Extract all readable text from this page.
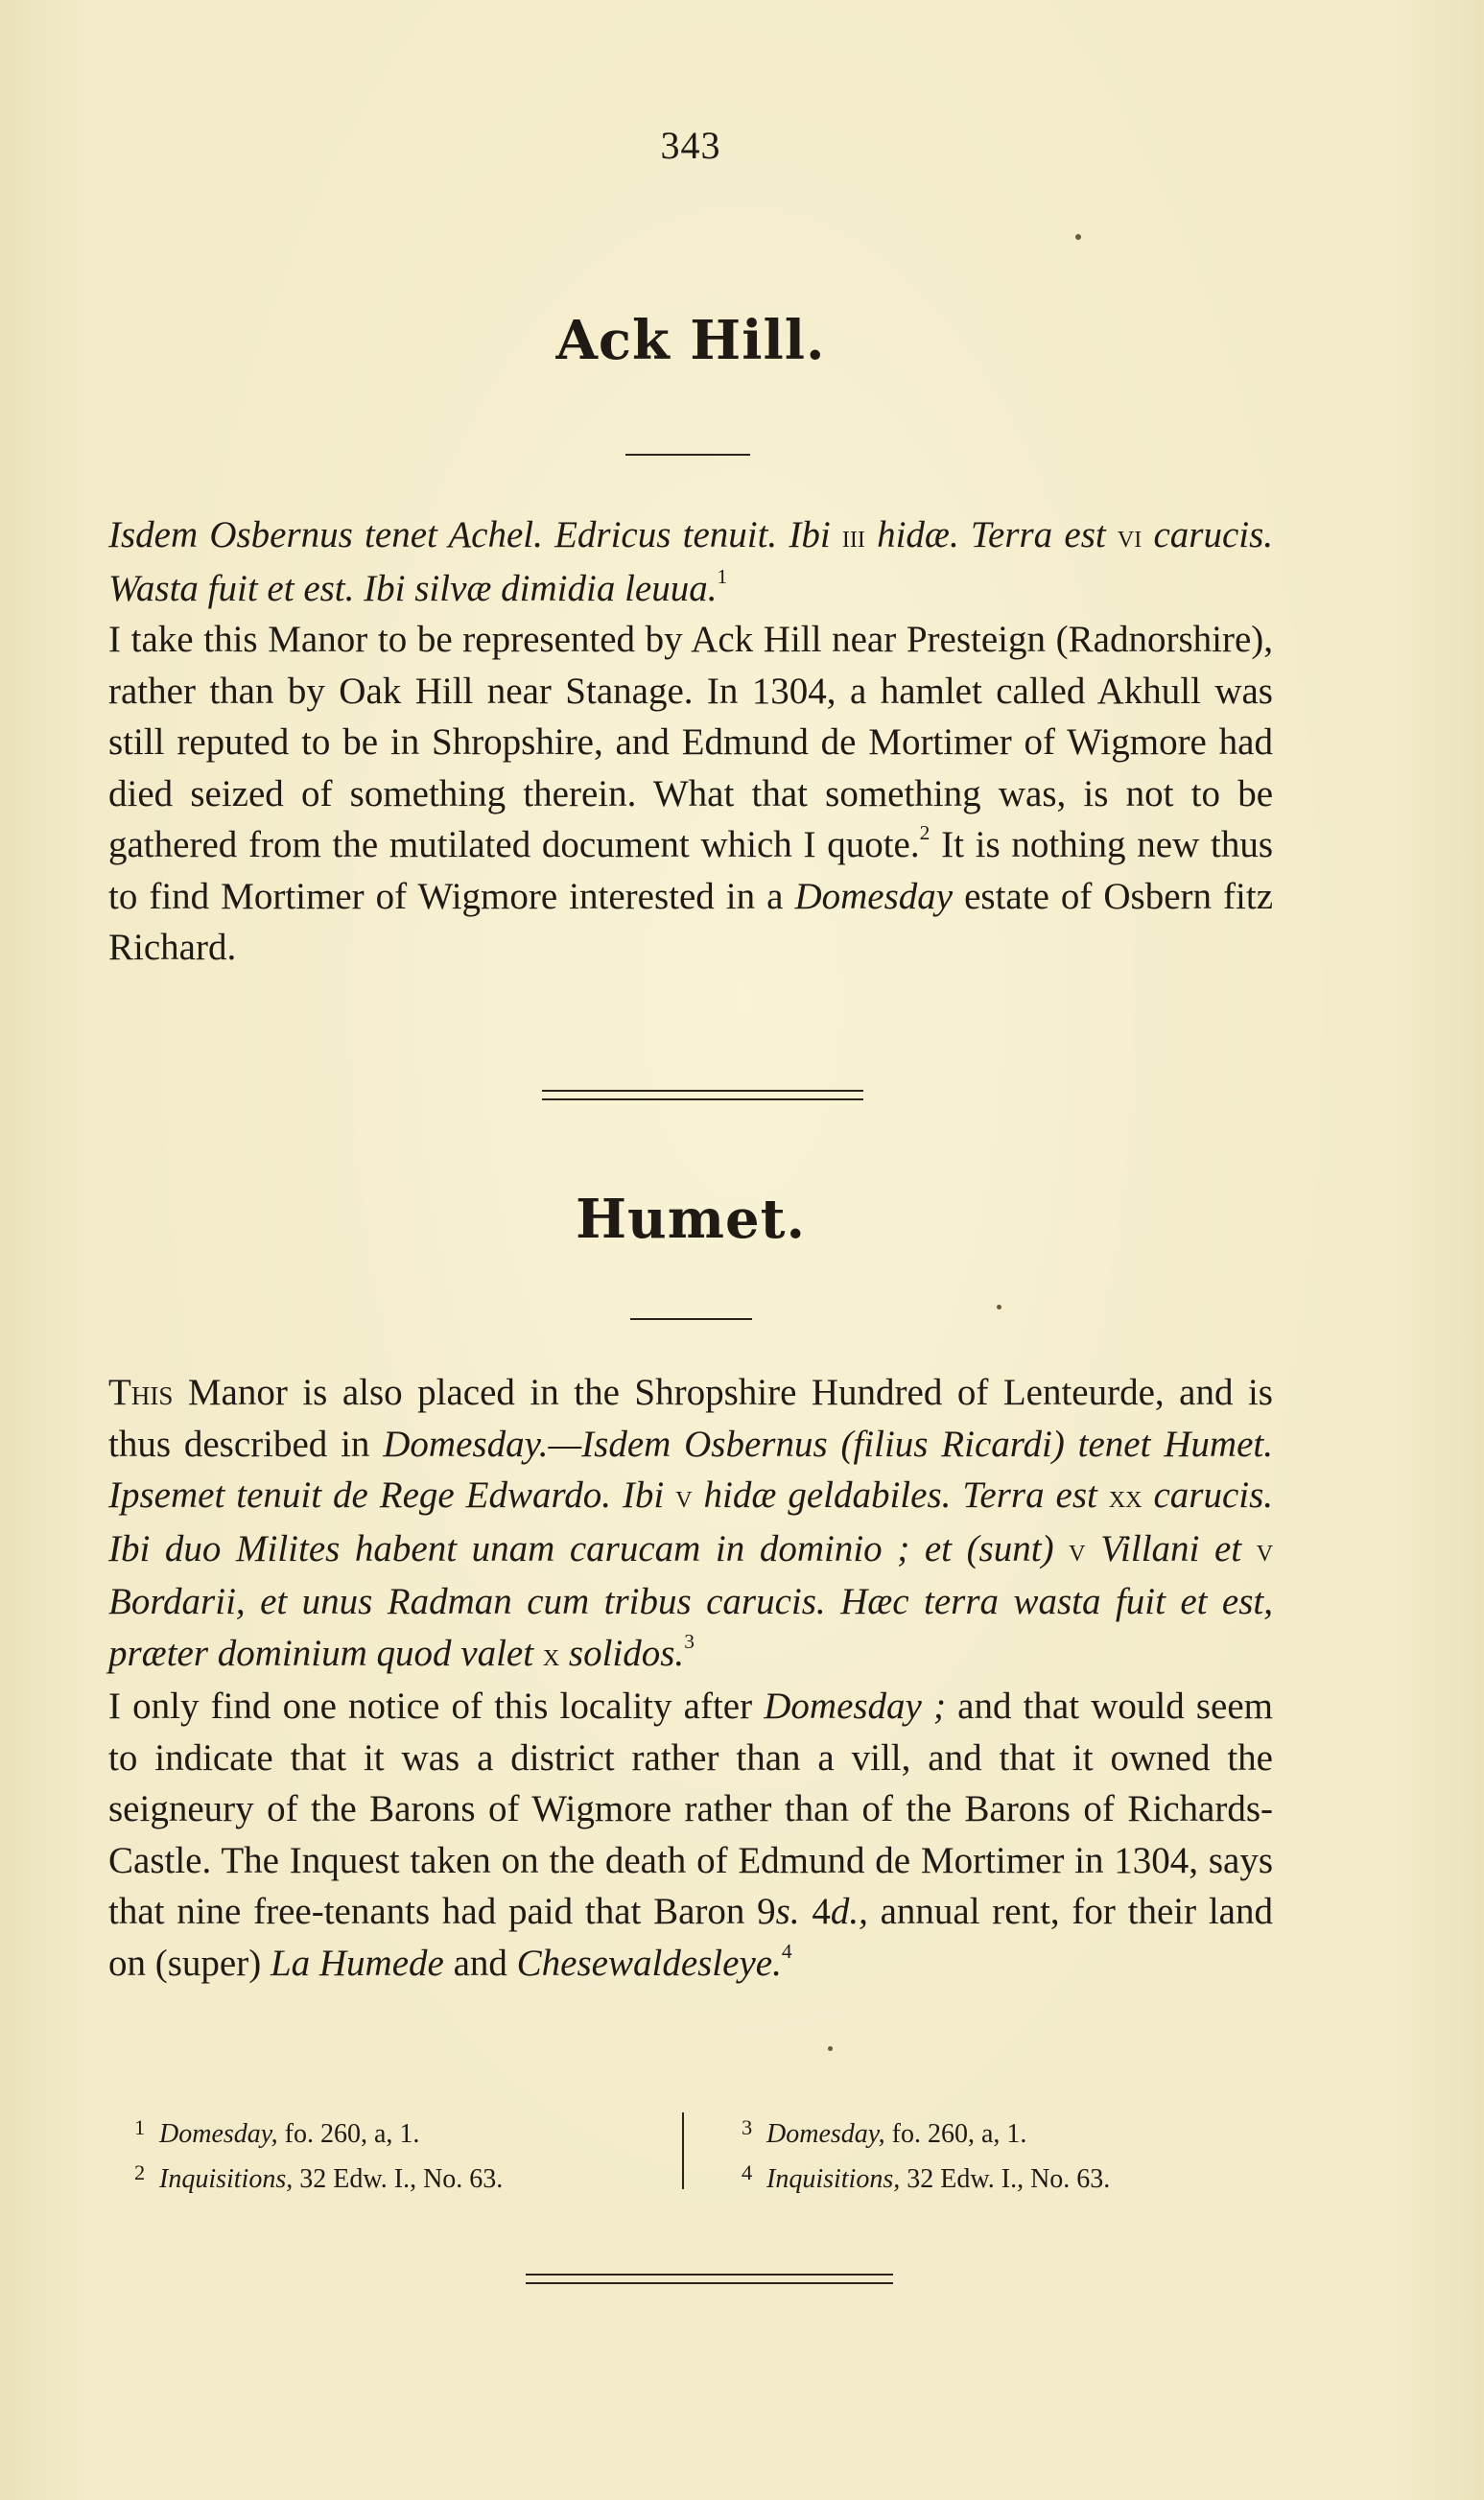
343
Ack Hill.

Isdem Osbernus tenet Achel. Edricus tenuit. Ibi iii hidæ. Terra est vi carucis. Wasta fuit et est. Ibi silvæ dimidia leuua.$^1$

I take this Manor to be represented by Ack Hill near Presteign (Radnorshire), rather than by Oak Hill near Stanage. In 1304, a hamlet called Akhull was still reputed to be in Shropshire, and Edmund de Mortimer of Wigmore had died seized of something therein. What that something was, is not to be gathered from the mutilated document which I quote.$^2$ It is nothing new thus to find Mortimer of Wigmore interested in a Domesday estate of Osbern fitz Richard.

Humet.

This Manor is also placed in the Shropshire Hundred of Lenteurde, and is thus described in Domesday.—Isdem Osbernus (filius Ricardi) tenet Humet. Ipsemet tenuit de Rege Edwardo. Ibi v hidæ geldabiles. Terra est xx carucis. Ibi duo Milites habent unam carucam in dominio ; et (sunt) v Villani et v Bordarii, et unus Radman cum tribus carucis. Hæc terra wasta fuit et est, præter dominium quod valet x solidos.$^3$

I only find one notice of this locality after Domesday ; and that would seem to indicate that it was a district rather than a vill, and that it owned the seigneury of the Barons of Wigmore rather than of the Barons of Richards-Castle. The Inquest taken on the death of Edmund de Mortimer in 1304, says that nine free-tenants had paid that Baron 9s. 4d., annual rent, for their land on (super) La Humede and Chesewaldesleye.$^4$

1 Domesday, fo. 260, a, 1.
2 Inquisitions, 32 Edw. I., No. 63.
3 Domesday, fo. 260, a, 1.
4 Inquisitions, 32 Edw. I., No. 63.
